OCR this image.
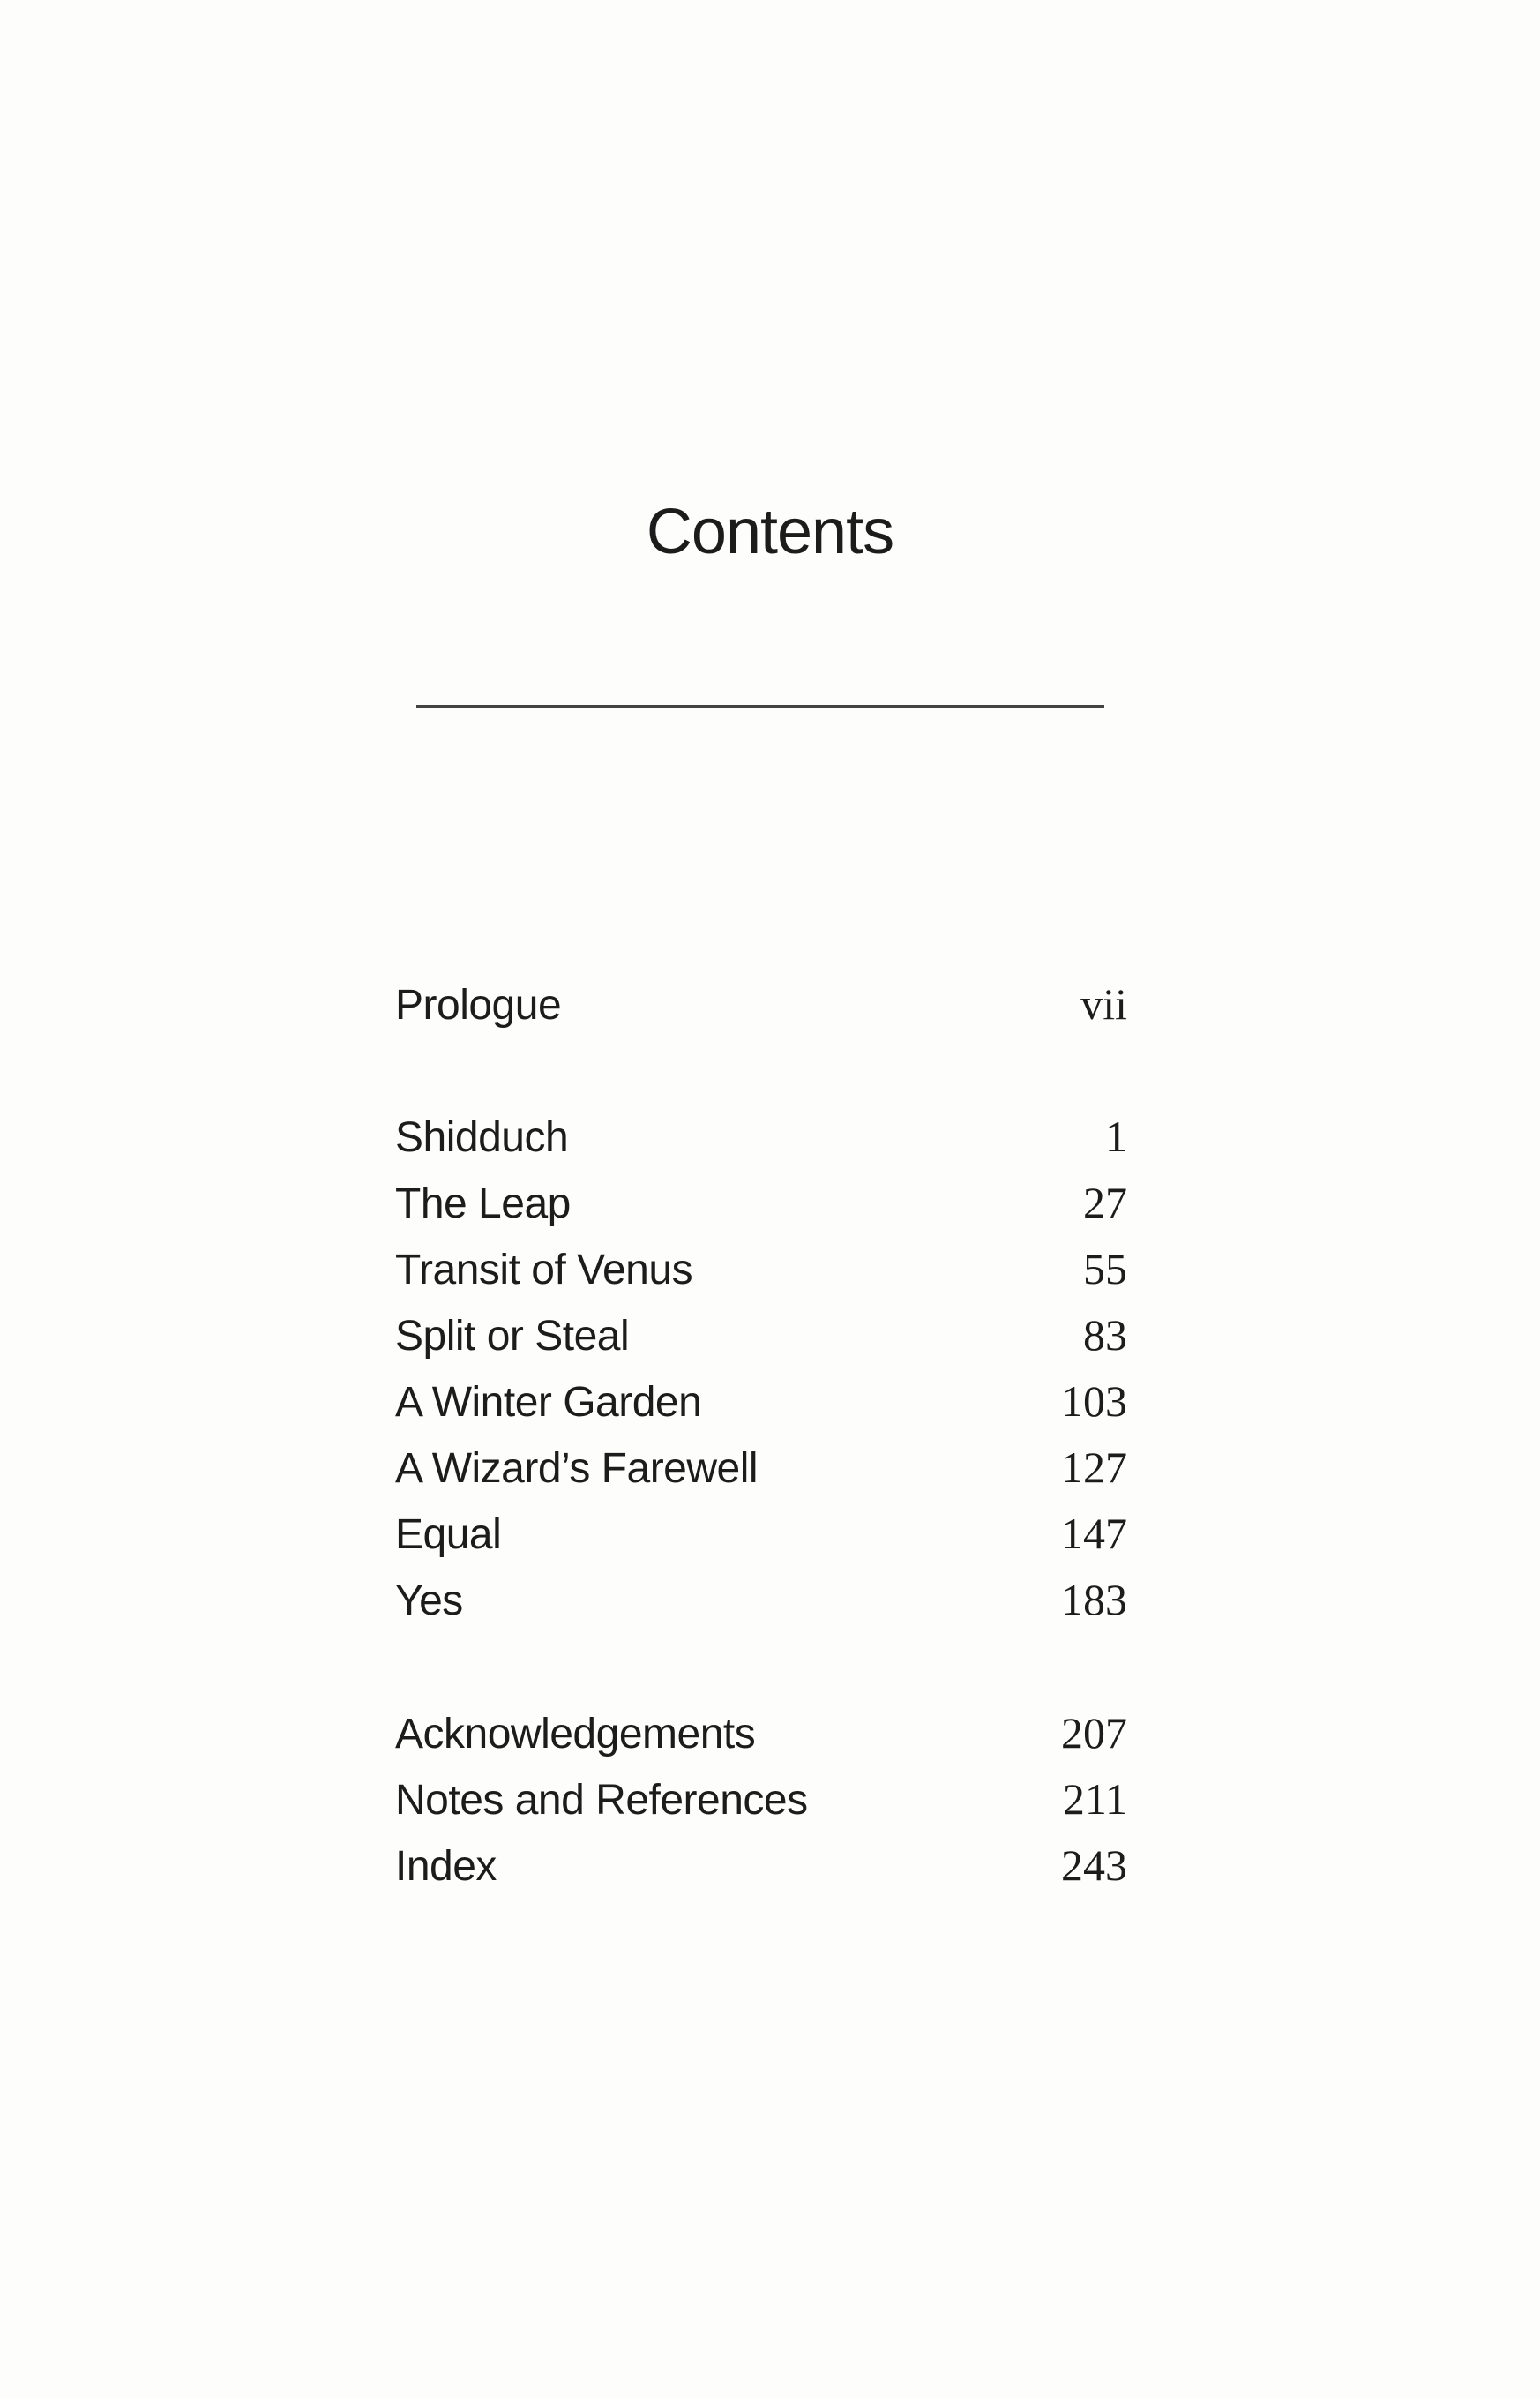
Contents
Prologue	vii
Shidduch	1
The Leap	27
Transit of Venus	55
Split or Steal	83
A Winter Garden	103
A Wizard’s Farewell	127
Equal	147
Yes	183
Acknowledgements	207
Notes and References	211
Index	243
